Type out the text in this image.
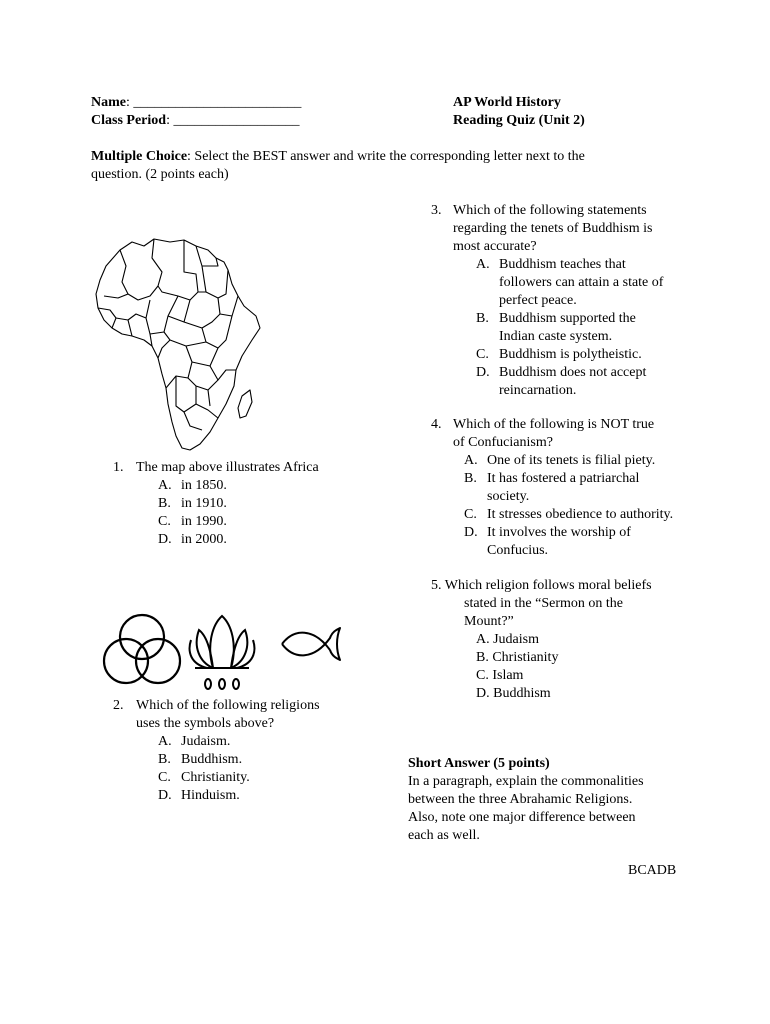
Name: ________________________
Class Period: __________________
AP World History
Reading Quiz (Unit 2)
Multiple Choice: Select the BEST answer and write the corresponding letter next to the
question. (2 points each)
1. The map above illustrates Africa
A. in 1850.
B. in 1910.
C. in 1990.
D. in 2000.
2. Which of the following religions
uses the symbols above?
A. Judaism.
B. Buddhism.
C. Christianity.
D. Hinduism.
3. Which of the following statements
regarding the tenets of Buddhism is
most accurate?
A. Buddhism teaches that
followers can attain a state of
perfect peace.
B. Buddhism supported the
Indian caste system.
C. Buddhism is polytheistic.
D. Buddhism does not accept
reincarnation.
4. Which of the following is NOT true
of Confucianism?
A. One of its tenets is filial piety.
B. It has fostered a patriarchal
society.
C. It stresses obedience to authority.
D. It involves the worship of
Confucius.
5. Which religion follows moral beliefs
stated in the “Sermon on the
Mount?”
A. Judaism
B. Christianity
C. Islam
D. Buddhism
Short Answer (5 points)
In a paragraph, explain the commonalities
between the three Abrahamic Religions.
Also, note one major difference between
each as well.
BCADB
